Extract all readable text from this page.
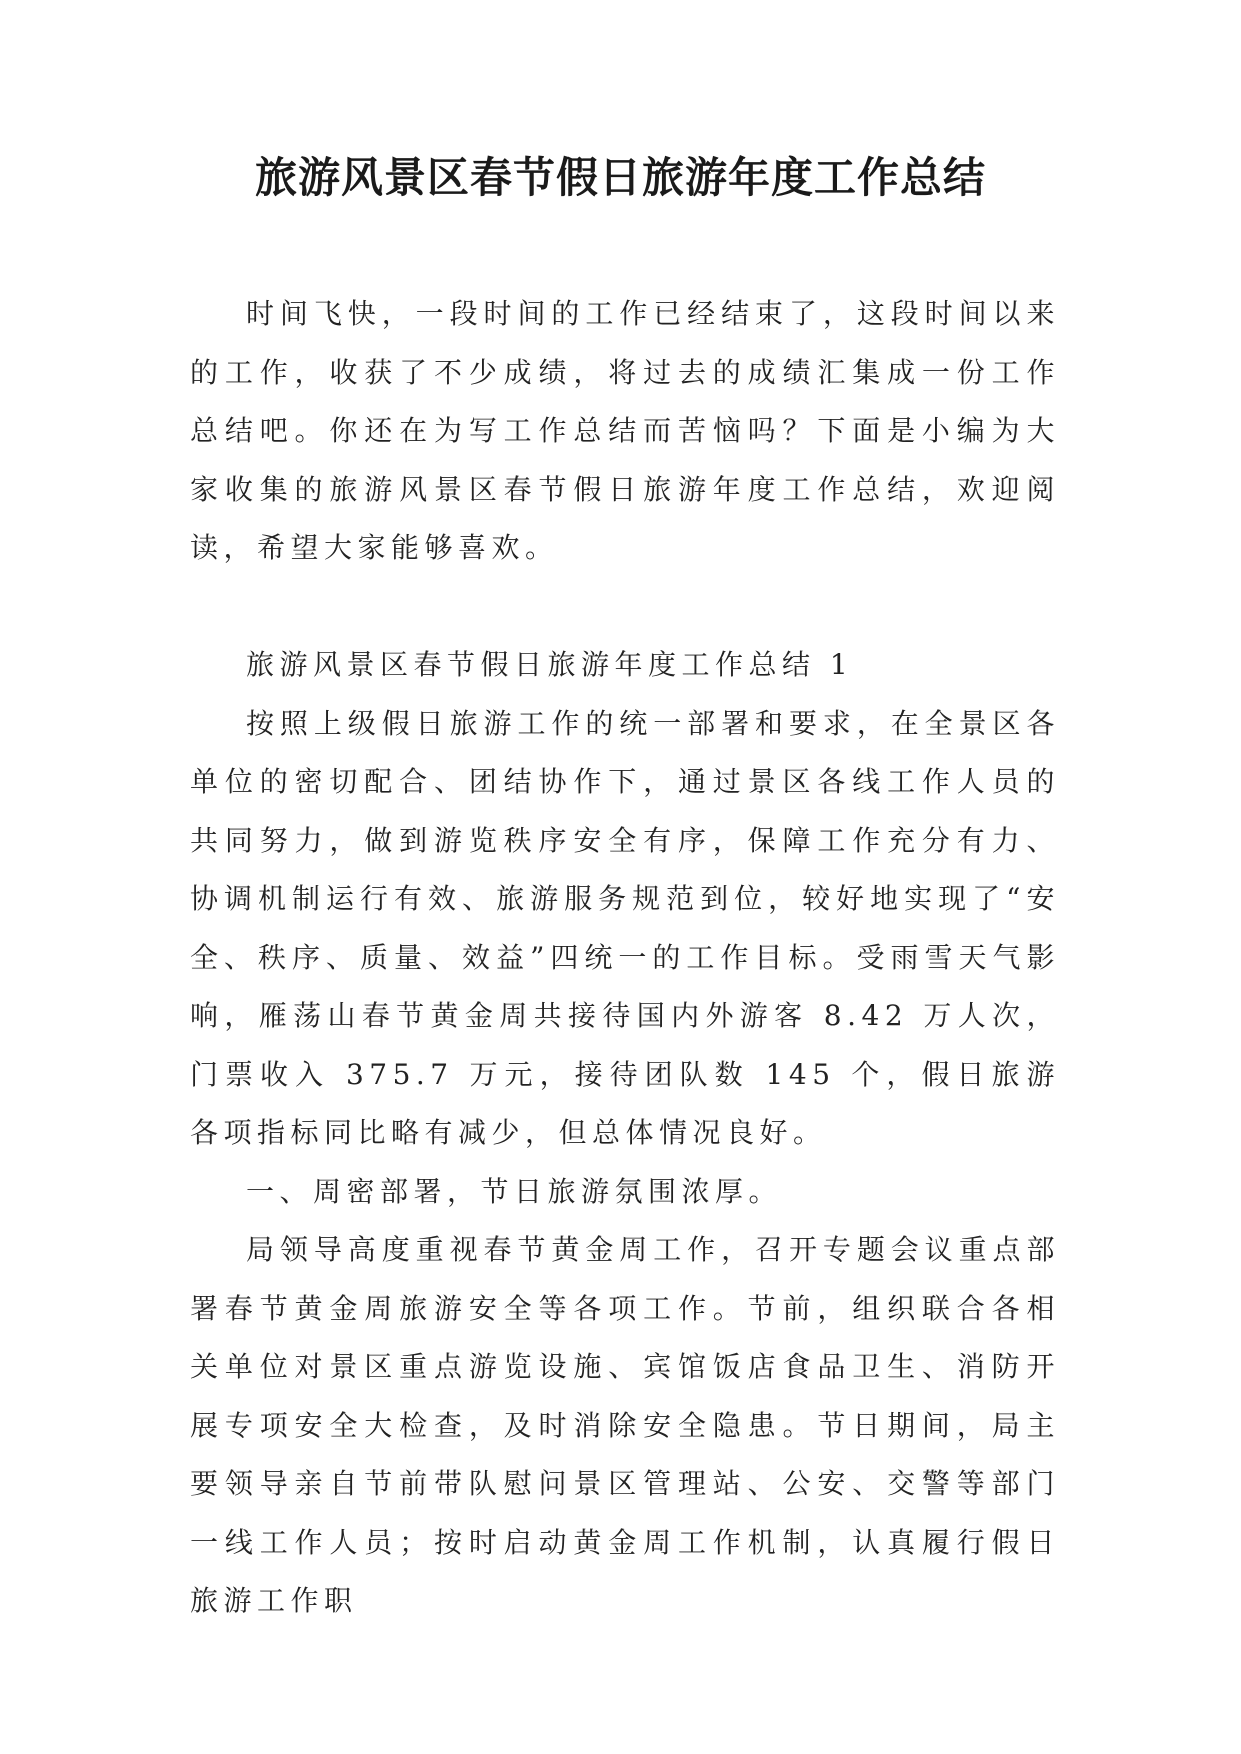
旅游风景区春节假日旅游年度工作总结

时间飞快，一段时间的工作已经结束了，这段时间以来的工作，收获了不少成绩，将过去的成绩汇集成一份工作总结吧。你还在为写工作总结而苦恼吗？下面是小编为大家收集的旅游风景区春节假日旅游年度工作总结，欢迎阅读，希望大家能够喜欢。

旅游风景区春节假日旅游年度工作总结 1

按照上级假日旅游工作的统一部署和要求，在全景区各单位的密切配合、团结协作下，通过景区各线工作人员的共同努力，做到游览秩序安全有序，保障工作充分有力、协调机制运行有效、旅游服务规范到位，较好地实现了“安全、秩序、质量、效益”四统一的工作目标。受雨雪天气影响，雁荡山春节黄金周共接待国内外游客 8.42 万人次，门票收入 375.7 万元，接待团队数 145 个，假日旅游各项指标同比略有减少，但总体情况良好。

一、周密部署，节日旅游氛围浓厚。

局领导高度重视春节黄金周工作，召开专题会议重点部署春节黄金周旅游安全等各项工作。节前，组织联合各相关单位对景区重点游览设施、宾馆饭店食品卫生、消防开展专项安全大检查，及时消除安全隐患。节日期间，局主要领导亲自节前带队慰问景区管理站、公安、交警等部门一线工作人员；按时启动黄金周工作机制，认真履行假日旅游工作职
